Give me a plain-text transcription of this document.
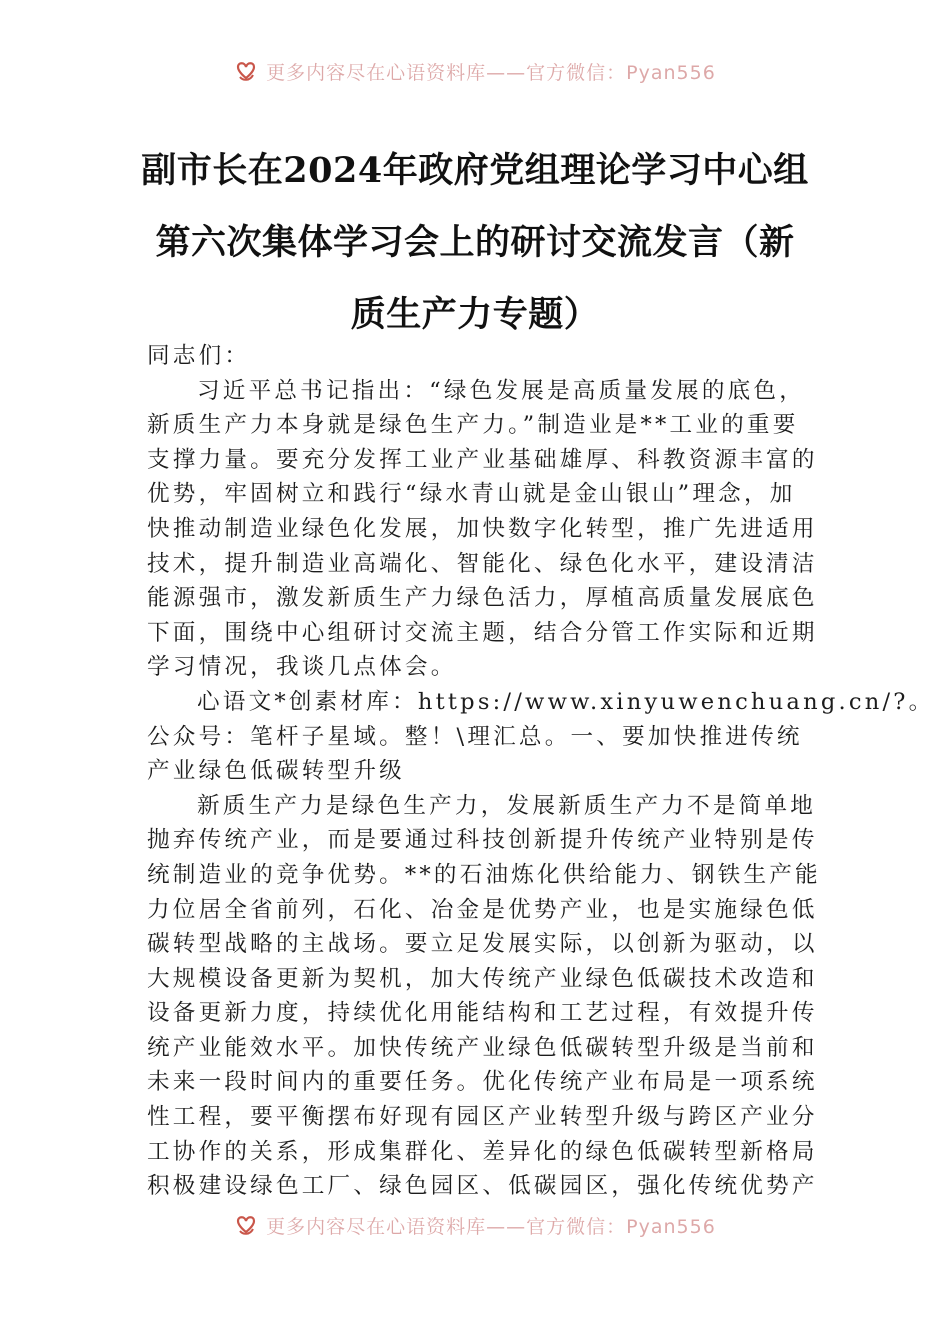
更多内容尽在心语资料库——官方微信：Pyan556
副市长在2024年政府党组理论学习中心组
第六次集体学习会上的研讨交流发言（新
质生产力专题）
同志们：
习近平总书记指出：“绿色发展是高质量发展的底色，
新质生产力本身就是绿色生产力。”制造业是**工业的重要
支撑力量。要充分发挥工业产业基础雄厚、科教资源丰富的
优势，牢固树立和践行“绿水青山就是金山银山”理念，加
快推动制造业绿色化发展，加快数字化转型，推广先进适用
技术，提升制造业高端化、智能化、绿色化水平，建设清洁
能源强市，激发新质生产力绿色活力，厚植高质量发展底色
下面，围绕中心组研讨交流主题，结合分管工作实际和近期
学习情况，我谈几点体会。
心语文*创素材库：https://www.xinyuwenchuang.cn/?。
公众号：笔杆子星域。整！\理汇总。一、要加快推进传统
产业绿色低碳转型升级
新质生产力是绿色生产力，发展新质生产力不是简单地
抛弃传统产业，而是要通过科技创新提升传统产业特别是传
统制造业的竞争优势。**的石油炼化供给能力、钢铁生产能
力位居全省前列，石化、冶金是优势产业，也是实施绿色低
碳转型战略的主战场。要立足发展实际，以创新为驱动，以
大规模设备更新为契机，加大传统产业绿色低碳技术改造和
设备更新力度，持续优化用能结构和工艺过程，有效提升传
统产业能效水平。加快传统产业绿色低碳转型升级是当前和
未来一段时间内的重要任务。优化传统产业布局是一项系统
性工程，要平衡摆布好现有园区产业转型升级与跨区产业分
工协作的关系，形成集群化、差异化的绿色低碳转型新格局
积极建设绿色工厂、绿色园区、低碳园区，强化传统优势产
更多内容尽在心语资料库——官方微信：Pyan556
